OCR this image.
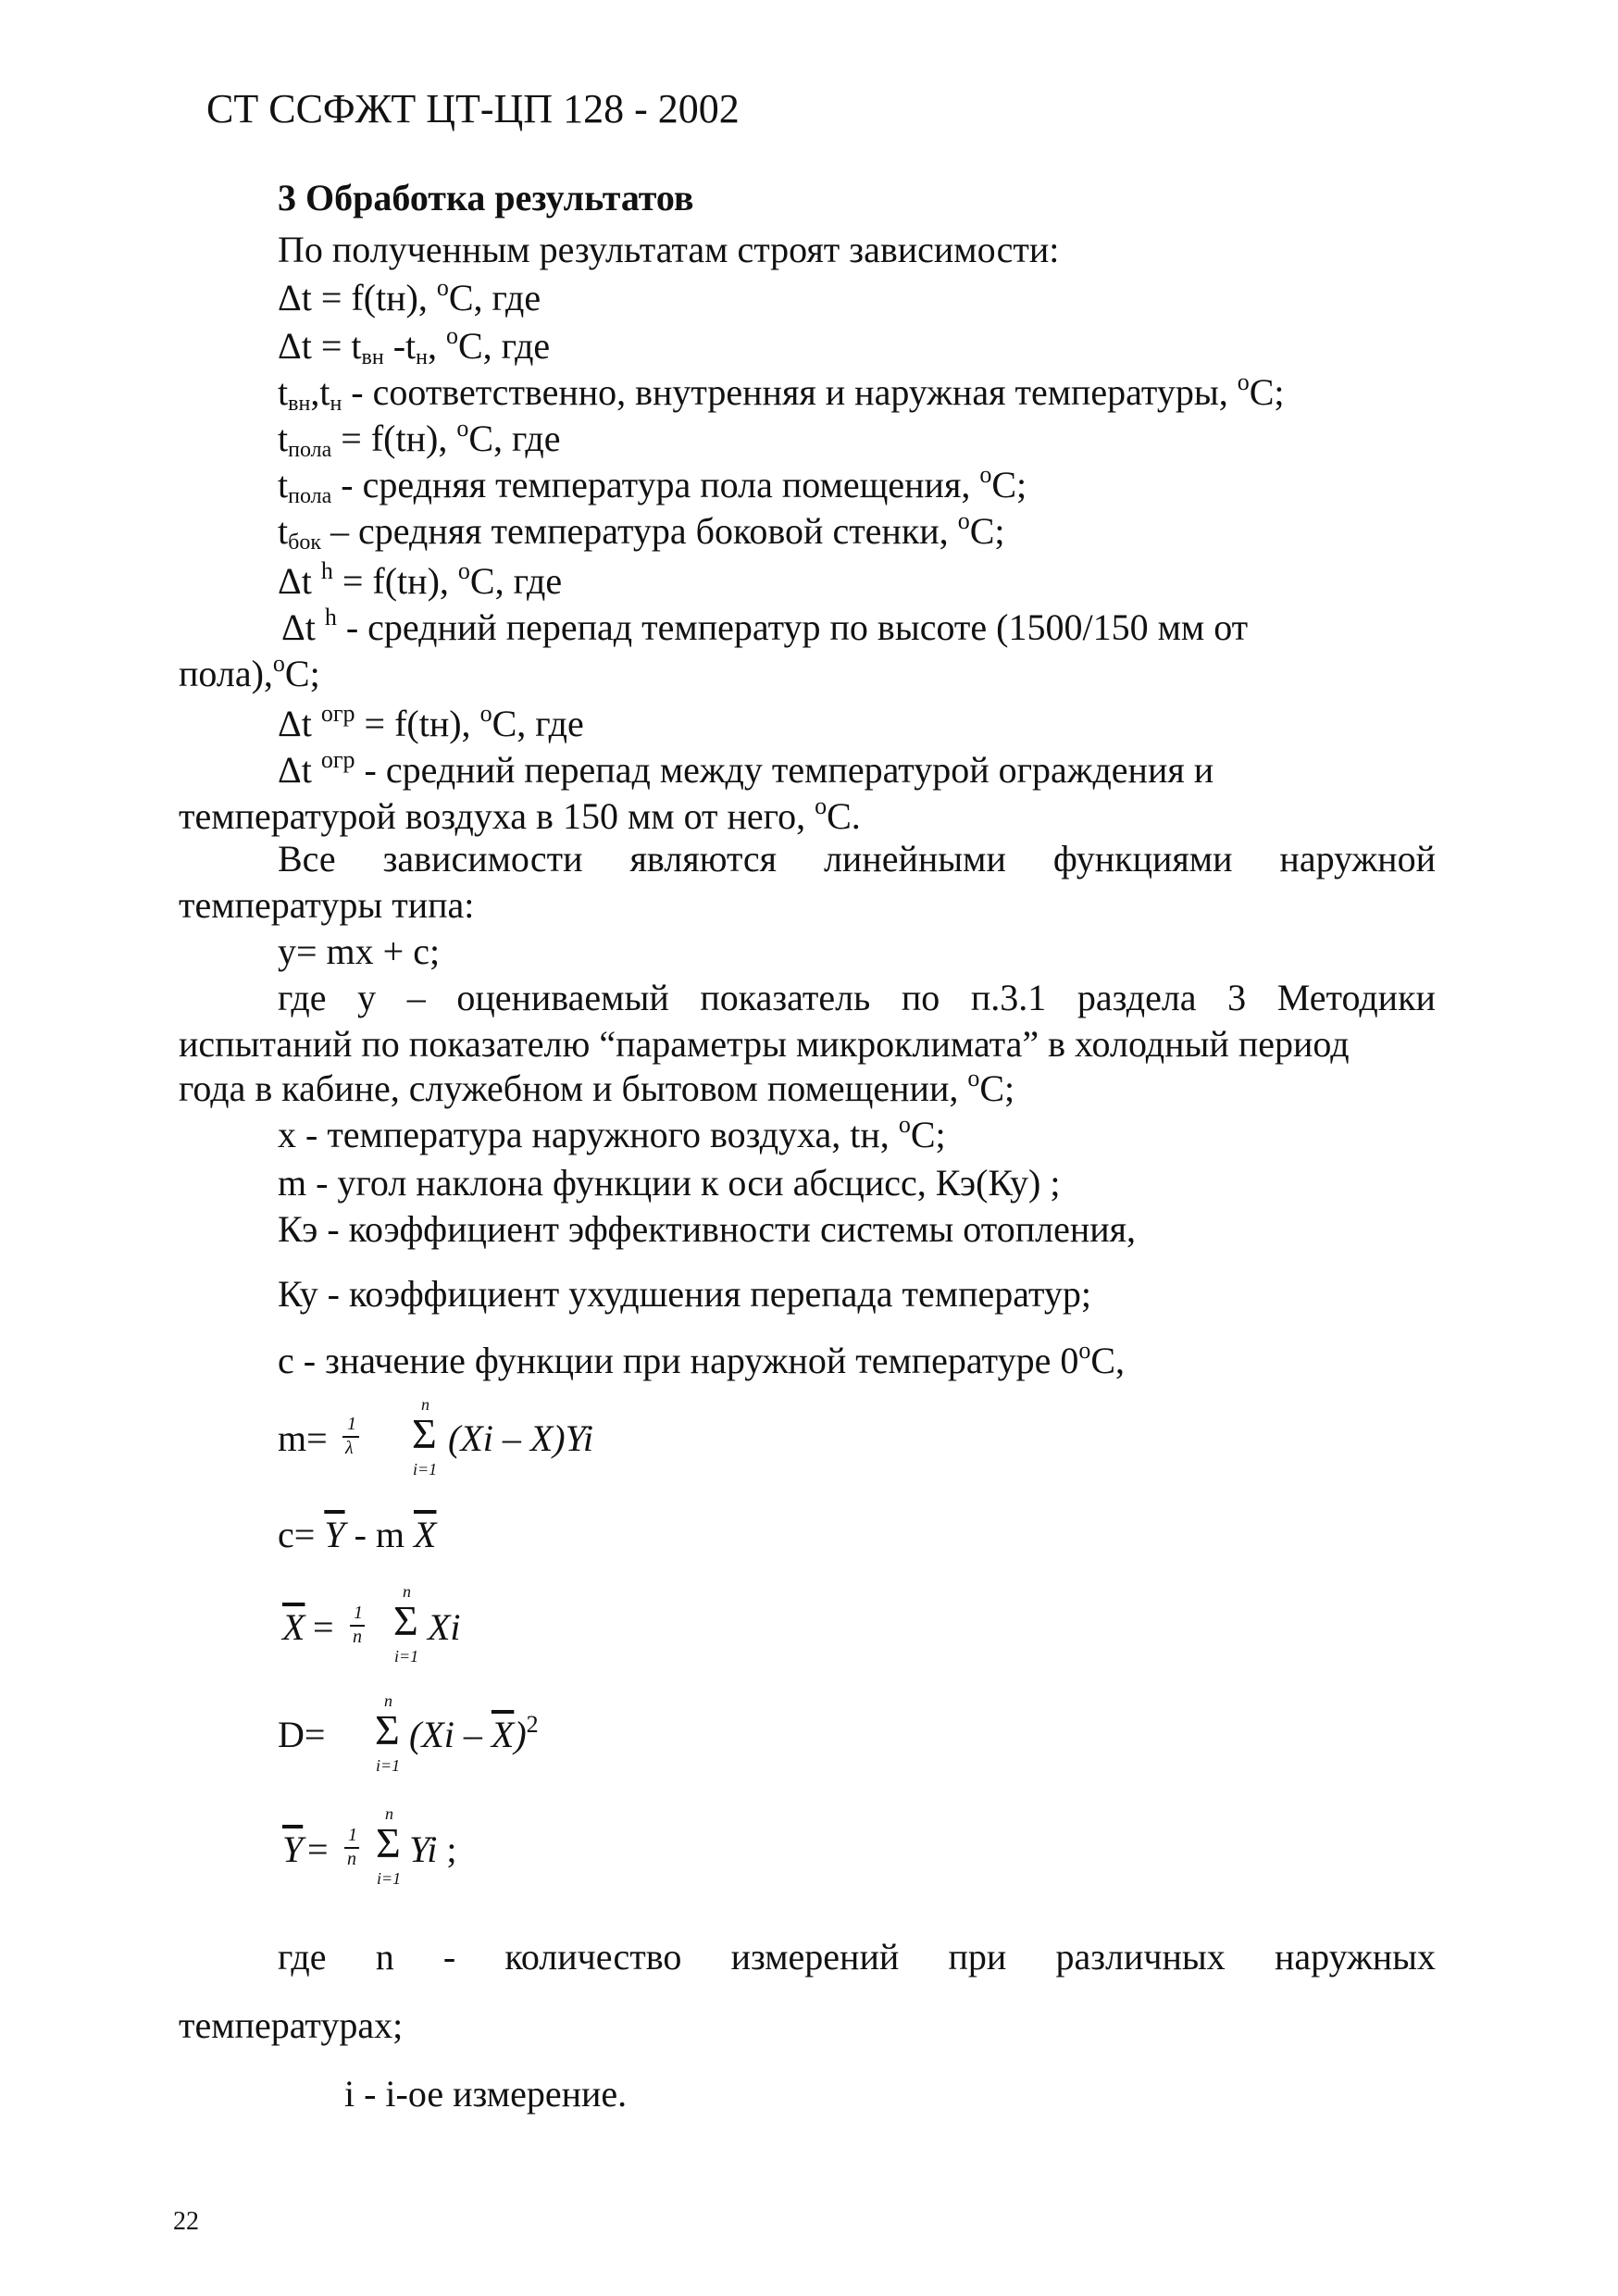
СТ ССФЖТ ЦТ-ЦП 128 - 2002
3 Обработка результатов
По полученным результатам строят зависимости:
Δt = f(tн), $^o$C, где
$\Delta t = t_{вн}$ $-t_н$, $^o$C, где
$t_{вн},t_н$ - соответственно, внутренняя и наружная температуры, $^o$C;
$t_{пола} = f(tн)$, $^o$C, где
$t_{пола}$ - средняя температура пола помещения, $^o$C;
$t_{бок}$ – средняя температура боковой стенки, $^o$C;
Δt $^h$ = f(tн), $^o$C, где
Δt $^h$ - средний перепад температур по высоте (1500/150 мм от
пола),$^o$C;
Δt $^{огр}$ = f(tн), $^o$C, где
Δt $^{огр}$ - средний перепад между температурой ограждения и
температурой воздуха в 150 мм от него, $^o$C.
Все зависимости являются линейными функциями наружной
температуры типа:
y= mx + c;
где у – оцениваемый показатель по п.3.1 раздела 3 Методики
испытаний по показателю “параметры микроклимата” в холодный период
года в кабине, служебном и бытовом помещении, $^o$C;
x - температура наружного воздуха, tн, $^o$C;
m - угол наклона функции к оси абсцисс, Кэ(Ку) ;
Кэ - коэффициент эффективности системы отопления,
Ку - коэффициент ухудшения перепада температур;
с - значение функции при наружной температуре 0$^o$C,
m= 1
λ
n
Σ
i=1
(Xi – X)Yi
$c= \overline{Y} - m$ $\overline{X}$
$\overline{X} = 1$
n
n
Σ
i=1
Xi
D=
n
Σ
i=1
$(Xi - \overline{X})^2$
$\overline{Y} = 1$
n
n
Σ
i=1
Yi ;
где n - количество измерений при различных наружных
температурах;
i - i-ое измерение.
22
